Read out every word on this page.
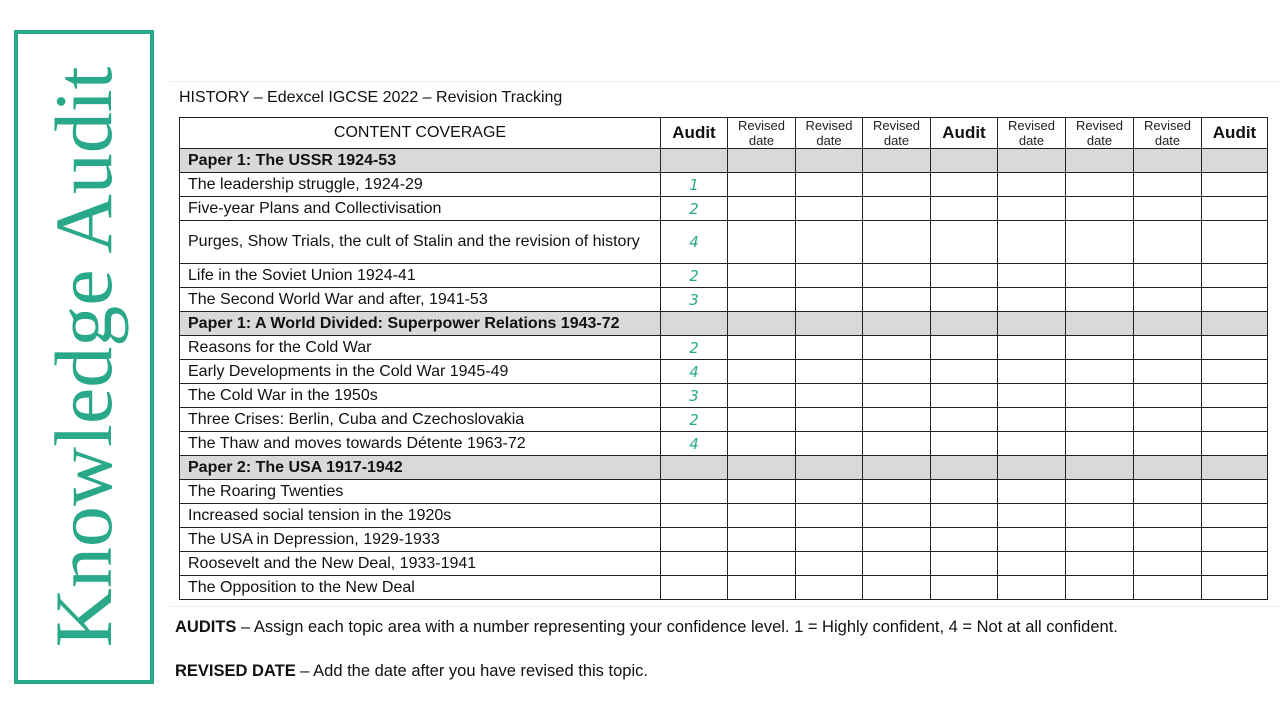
Knowledge Audit	HISTORY – Edexcel IGCSE 2022 – Revision Tracking
CONTENT COVERAGE	Audit	Revised date	Revised date	Revised date	Audit	Revised date	Revised date	Revised date	Audit
Paper 1: The USSR 1924-53									
The leadership struggle, 1924-29	1								
Five-year Plans and Collectivisation	2								
Purges, Show Trials, the cult of Stalin and the revision of history	4								
Life in the Soviet Union 1924-41	2								
The Second World War and after, 1941-53	3								
Paper 1: A World Divided: Superpower Relations 1943-72									
Reasons for the Cold War	2								
Early Developments in the Cold War 1945-49	4								
The Cold War in the 1950s	3								
Three Crises: Berlin, Cuba and Czechoslovakia	2								
The Thaw and moves towards Détente 1963-72	4								
Paper 2: The USA 1917-1942									
The Roaring Twenties									
Increased social tension in the 1920s									
The USA in Depression, 1929-1933									
Roosevelt and the New Deal, 1933-1941									
The Opposition to the New Deal									
AUDITS – Assign each topic area with a number representing your confidence level. 1 = Highly confident, 4 = Not at all confident.
REVISED DATE – Add the date after you have revised this topic.
